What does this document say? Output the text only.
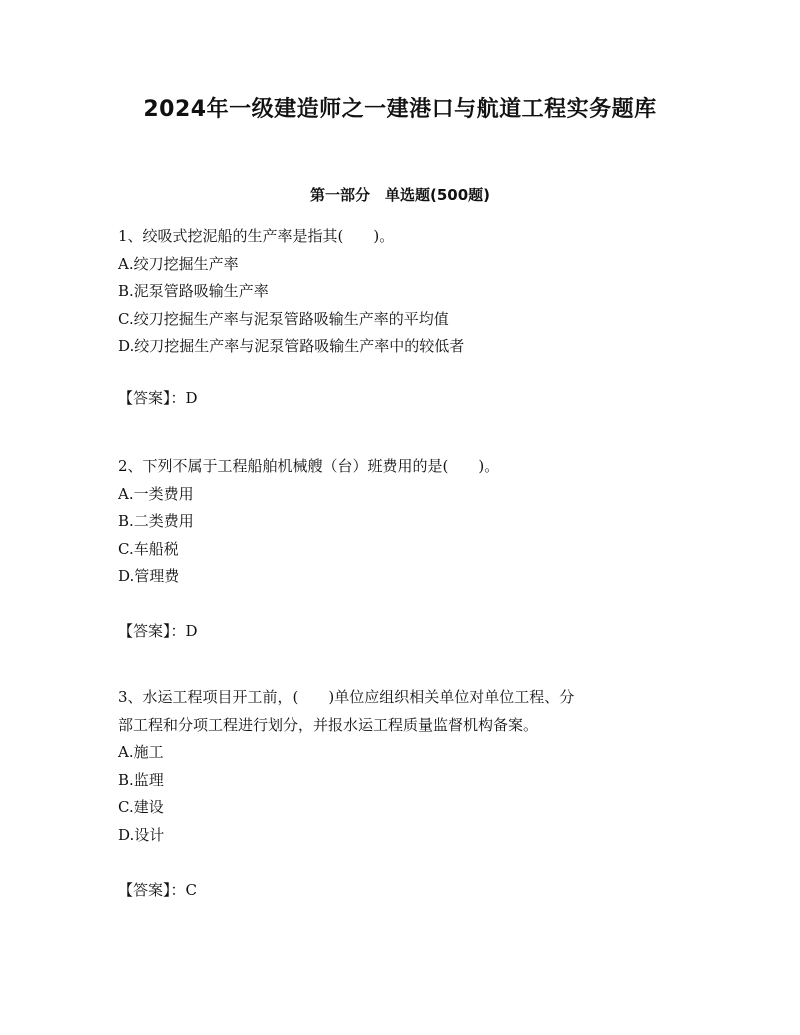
2024年一级建造师之一建港口与航道工程实务题库
第一部分　单选题(500题)
1、绞吸式挖泥船的生产率是指其(　　)。
A.绞刀挖掘生产率
B.泥泵管路吸输生产率
C.绞刀挖掘生产率与泥泵管路吸输生产率的平均值
D.绞刀挖掘生产率与泥泵管路吸输生产率中的较低者
【答案】：D
2、下列不属于工程船舶机械艘（台）班费用的是(　　)。
A.一类费用
B.二类费用
C.车船税
D.管理费
【答案】：D
3、水运工程项目开工前，(　　)单位应组织相关单位对单位工程、分
部工程和分项工程进行划分，并报水运工程质量监督机构备案。
A.施工
B.监理
C.建设
D.设计
【答案】：C
